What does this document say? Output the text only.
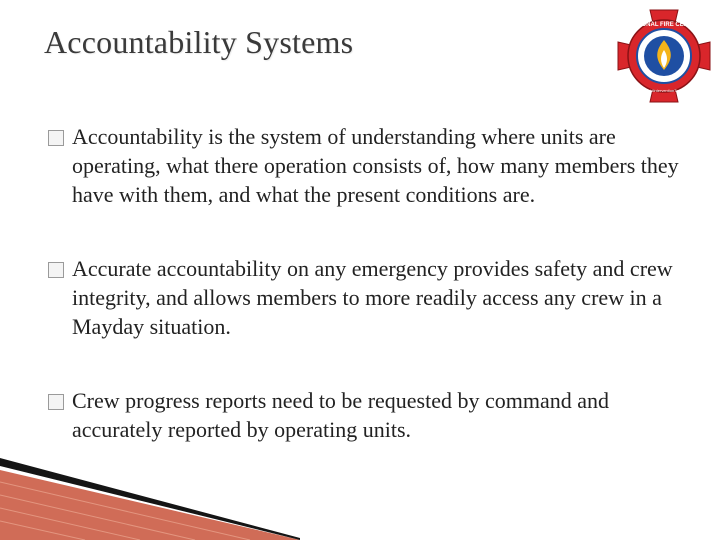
Accountability Systems	NATIONAL FIRE CENTER
www.RapidInterventionTeams.com
Accountability is the system of understanding where units are operating, what there operation consists of, how many members they have with them, and what the present conditions are.
Accurate accountability on any emergency provides safety and crew integrity, and allows members to more readily access any crew in a Mayday situation.
Crew progress reports need to be requested by command and accurately reported by operating units.
